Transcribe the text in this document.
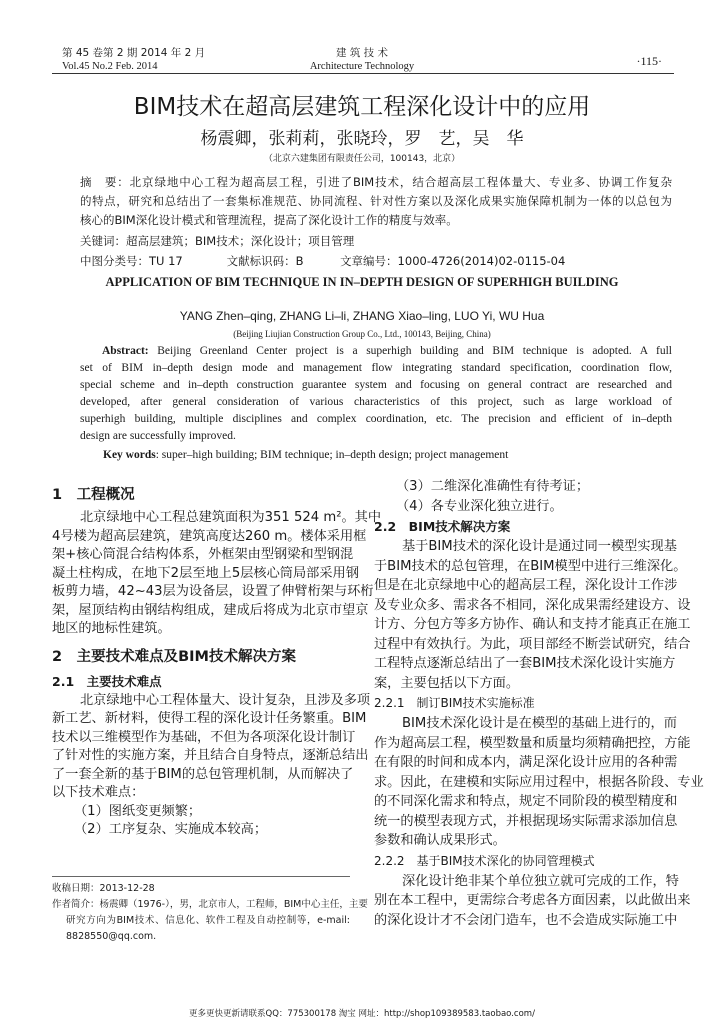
第 45 卷第 2 期 2014 年 2 月
Vol.45 No.2 Feb. 2014
建 筑 技 术
Architecture Technology	·115·
BIM技术在超高层建筑工程深化设计中的应用
杨震卿，张莉莉，张晓玲，罗　艺，吴　华
（北京六建集团有限责任公司，100143，北京）
摘　要：北京绿地中心工程为超高层工程，引进了BIM技术，结合超高层工程体量大、专业多、协调工作复杂
的特点，研究和总结出了一套集标准规范、协同流程、针对性方案以及深化成果实施保障机制为一体的以总包为
核心的BIM深化设计模式和管理流程，提高了深化设计工作的精度与效率。
关键词：超高层建筑；BIM技术；深化设计；项目管理
中图分类号：TU 17	文献标识码：B	文章编号：1000-4726(2014)02-0115-04
APPLICATION OF BIM TECHNIQUE IN IN–DEPTH DESIGN OF SUPERHIGH BUILDING
YANG Zhen–qing, ZHANG Li–li, ZHANG Xiao–ling, LUO Yi, WU Hua
(Beijing Liujian Construction Group Co., Ltd., 100143, Beijing, China)
Abstract: Beijing Greenland Center project is a superhigh building and BIM technique is adopted. A full
set of BIM in–depth design mode and management flow integrating standard specification, coordination flow,
special scheme and in–depth construction guarantee system and focusing on general contract are researched and
developed, after general consideration of various characteristics of this project, such as large workload of
superhigh building, multiple disciplines and complex coordination, etc. The precision and efficient of in–depth
design are successfully improved.
Key words: super–high building; BIM technique; in–depth design; project management
1　工程概况
北京绿地中心工程总建筑面积为351 524 m²。其中
4号楼为超高层建筑，建筑高度达260 m。楼体采用框
架+核心筒混合结构体系，外框架由型钢梁和型钢混
凝土柱构成，在地下2层至地上5层核心筒局部采用钢
板剪力墙，42~43层为设备层，设置了伸臂桁架与环桁
架，屋顶结构由钢结构组成，建成后将成为北京市望京
地区的地标性建筑。
2　主要技术难点及BIM技术解决方案
2.1　主要技术难点
北京绿地中心工程体量大、设计复杂，且涉及多项
新工艺、新材料，使得工程的深化设计任务繁重。BIM
技术以三维模型作为基础，不但为各项深化设计制订
了针对性的实施方案，并且结合自身特点，逐渐总结出
了一套全新的基于BIM的总包管理机制，从而解决了
以下技术难点：
（1）图纸变更频繁；
（2）工序复杂、实施成本较高；
收稿日期：2013-12-28
作者简介：杨震卿（1976-），男，北京市人，工程师，BIM中心主任，主要
研究方向为BIM技术、信息化、软件工程及自动控制等，e-mail:
8828550@qq.com.
（3）二维深化准确性有待考证；
（4）各专业深化独立进行。
2.2　BIM技术解决方案
基于BIM技术的深化设计是通过同一模型实现基
于BIM技术的总包管理，在BIM模型中进行三维深化。
但是在北京绿地中心的超高层工程，深化设计工作涉
及专业众多、需求各不相同，深化成果需经建设方、设
计方、分包方等多方协作、确认和支持才能真正在施工
过程中有效执行。为此，项目部经不断尝试研究，结合
工程特点逐渐总结出了一套BIM技术深化设计实施方
案，主要包括以下方面。
2.2.1　制订BIM技术实施标准
BIM技术深化设计是在模型的基础上进行的，而
作为超高层工程，模型数量和质量均须精确把控，方能
在有限的时间和成本内，满足深化设计应用的各种需
求。因此，在建模和实际应用过程中，根据各阶段、专业
的不同深化需求和特点，规定不同阶段的模型精度和
统一的模型表现方式，并根据现场实际需求添加信息
参数和确认成果形式。
2.2.2　基于BIM技术深化的协同管理模式
深化设计绝非某个单位独立就可完成的工作，特
别在本工程中，更需综合考虑各方面因素，以此做出来
的深化设计才不会闭门造车，也不会造成实际施工中
更多更快更新请联系QQ：775300178 淘宝 网址：http://shop109389583.taobao.com/
